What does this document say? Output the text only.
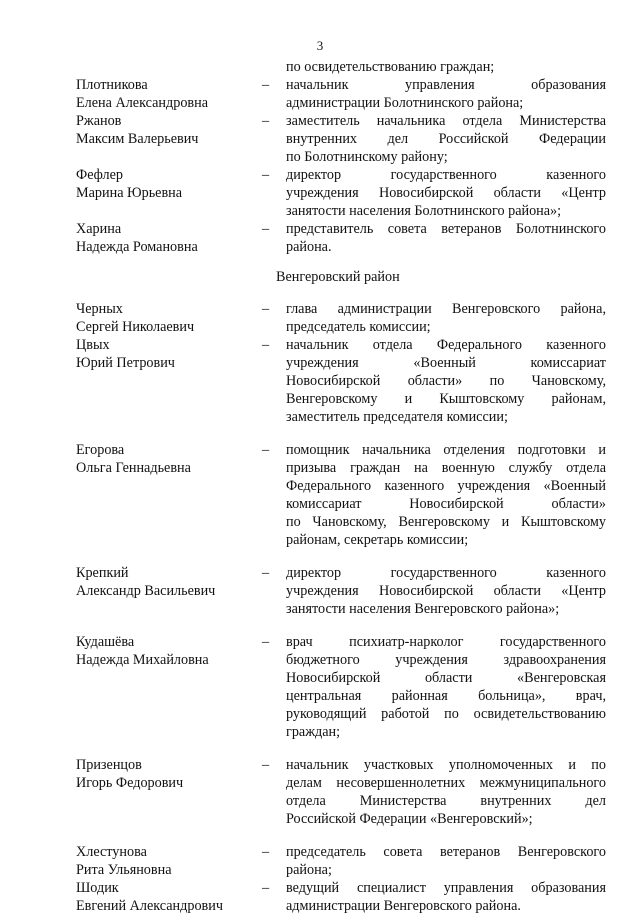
3
по освидетельствованию граждан;
Плотникова
Елена Александровна
–	начальник управления образования
администрации Болотнинского района;
Ржанов
Максим Валерьевич
–	заместитель начальника отдела Министерства
внутренних дел Российской Федерации
по Болотнинскому району;
Фефлер
Марина Юрьевна
–	директор государственного казенного
учреждения Новосибирской области «Центр
занятости населения Болотнинского района»;
Харина
Надежда Романовна
–	представитель совета ветеранов Болотнинского
района.
Венгеровский район
Черных
Сергей Николаевич
–	глава администрации Венгеровского района,
председатель комиссии;
Цвых
Юрий Петрович
–	начальник отдела Федерального казенного
учреждения «Военный комиссариат
Новосибирской области» по Чановскому,
Венгеровскому и Кыштовскому районам,
заместитель председателя комиссии;
Егорова
Ольга Геннадьевна
–	помощник начальника отделения подготовки и
призыва граждан на военную службу отдела
Федерального казенного учреждения «Военный
комиссариат Новосибирской области»
по Чановскому, Венгеровскому и Кыштовскому
районам, секретарь комиссии;
Крепкий
Александр Васильевич
–	директор государственного казенного
учреждения Новосибирской области «Центр
занятости населения Венгеровского района»;
Кудашёва
Надежда Михайловна
–	врач психиатр-нарколог государственного
бюджетного учреждения здравоохранения
Новосибирской области «Венгеровская
центральная районная больница», врач,
руководящий работой по освидетельствованию
граждан;
Призенцов
Игорь Федорович
–	начальник участковых уполномоченных и по
делам несовершеннолетних межмуниципального
отдела Министерства внутренних дел
Российской Федерации «Венгеровский»;
Хлестунова
Рита Ульяновна
–	председатель совета ветеранов Венгеровского
района;
Шодик
Евгений Александрович
–	ведущий специалист управления образования
администрации Венгеровского района.
